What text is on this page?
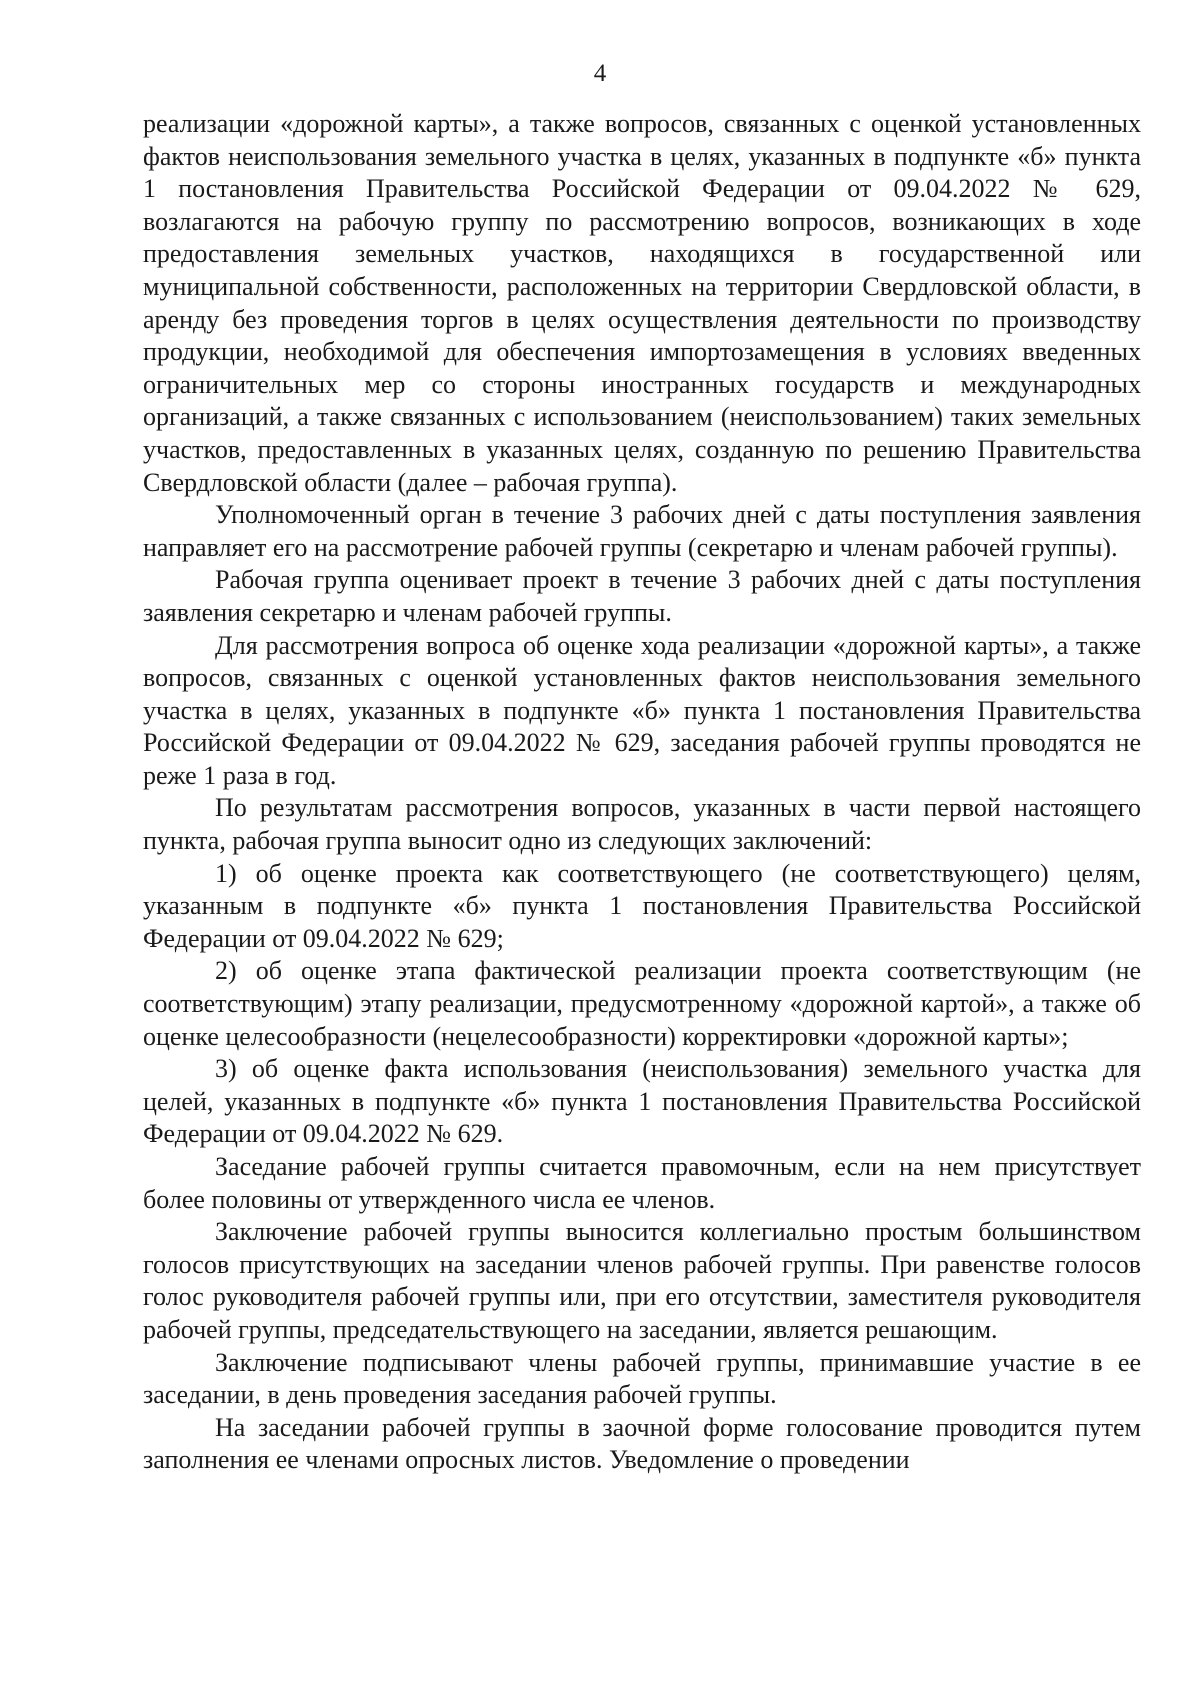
4

реализации «дорожной карты», а также вопросов, связанных с оценкой установленных фактов неиспользования земельного участка в целях, указанных в подпункте «б» пункта 1 постановления Правительства Российской Федерации от 09.04.2022 № 629, возлагаются на рабочую группу по рассмотрению вопросов, возникающих в ходе предоставления земельных участков, находящихся в государственной или муниципальной собственности, расположенных на территории Свердловской области, в аренду без проведения торгов в целях осуществления деятельности по производству продукции, необходимой для обеспечения импортозамещения в условиях введенных ограничительных мер со стороны иностранных государств и международных организаций, а также связанных с использованием (неиспользованием) таких земельных участков, предоставленных в указанных целях, созданную по решению Правительства Свердловской области (далее – рабочая группа).

Уполномоченный орган в течение 3 рабочих дней с даты поступления заявления направляет его на рассмотрение рабочей группы (секретарю и членам рабочей группы).

Рабочая группа оценивает проект в течение 3 рабочих дней с даты поступления заявления секретарю и членам рабочей группы.

Для рассмотрения вопроса об оценке хода реализации «дорожной карты», а также вопросов, связанных с оценкой установленных фактов неиспользования земельного участка в целях, указанных в подпункте «б» пункта 1 постановления Правительства Российской Федерации от 09.04.2022 № 629, заседания рабочей группы проводятся не реже 1 раза в год.

По результатам рассмотрения вопросов, указанных в части первой настоящего пункта, рабочая группа выносит одно из следующих заключений:

1) об оценке проекта как соответствующего (не соответствующего) целям, указанным в подпункте «б» пункта 1 постановления Правительства Российской Федерации от 09.04.2022 № 629;

2) об оценке этапа фактической реализации проекта соответствующим (не соответствующим) этапу реализации, предусмотренному «дорожной картой», а также об оценке целесообразности (нецелесообразности) корректировки «дорожной карты»;

3) об оценке факта использования (неиспользования) земельного участка для целей, указанных в подпункте «б» пункта 1 постановления Правительства Российской Федерации от 09.04.2022 № 629.

Заседание рабочей группы считается правомочным, если на нем присутствует более половины от утвержденного числа ее членов.

Заключение рабочей группы выносится коллегиально простым большинством голосов присутствующих на заседании членов рабочей группы. При равенстве голосов голос руководителя рабочей группы или, при его отсутствии, заместителя руководителя рабочей группы, председательствующего на заседании, является решающим.

Заключение подписывают члены рабочей группы, принимавшие участие в ее заседании, в день проведения заседания рабочей группы.

На заседании рабочей группы в заочной форме голосование проводится путем заполнения ее членами опросных листов. Уведомление о проведении
